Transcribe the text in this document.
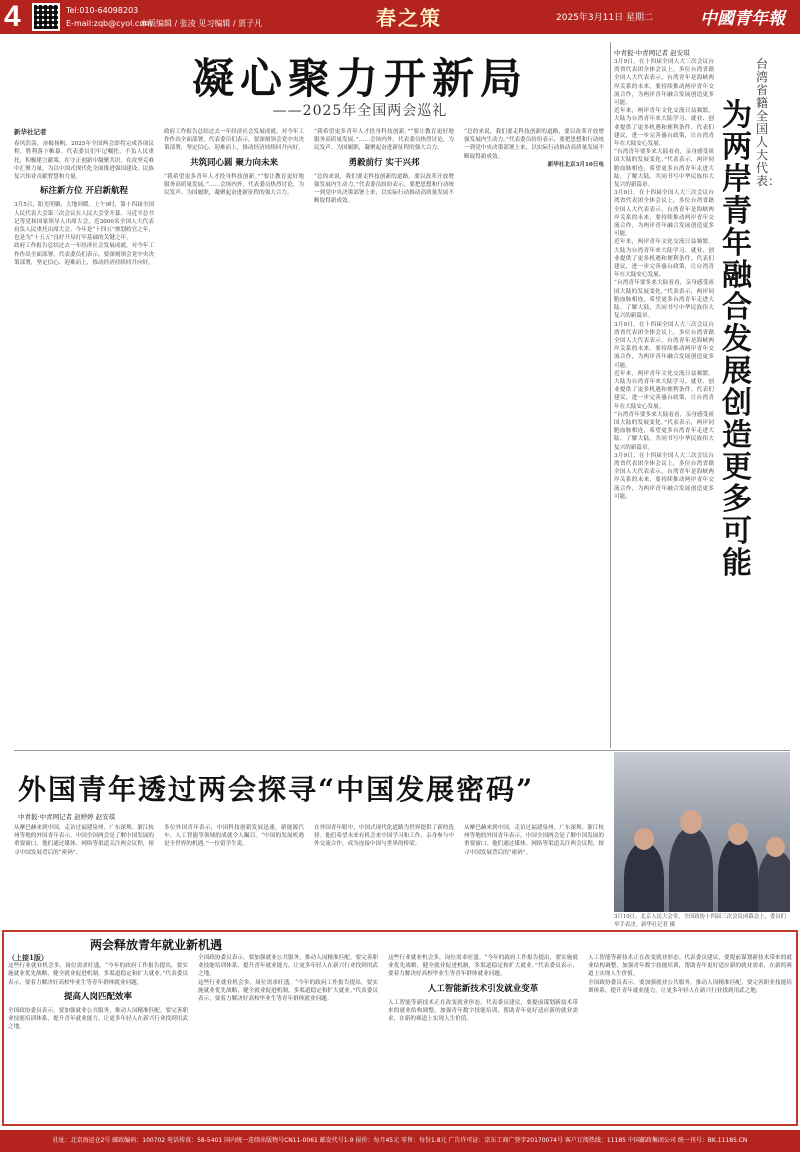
4	Tel:010-64098203
E-mail:zqb@cyol.com
本版编辑 / 张凌 见习编辑 / 贾子凡	春之策	2025年3月11日 星期二	中國青年報
凝心聚力开新局
——2025年全国两会巡礼
新华社记者

春风浩荡，奋楫扬帆。2025年全国两会即将完成各项议程，胜利落下帷幕。代表委员们牢记嘱托、不负人民重托，积极建言献策，在守正创新中凝聚共识、在攻坚克难中汇聚力量，为以中国式现代化全面推进强国建设、民族复兴伟业贡献智慧和力量。

标注新方位 开启新航程

3月5日，阳光明媚，大地回暖。上午9时，第十四届全国人民代表大会第三次会议在人民大会堂开幕。习近平总书记等党和国家领导人出席大会，近3000名全国人大代表肩负人民重托出席大会。今年是“十四五”规划收官之年，也是为“十五五”良好开局打牢基础的关键之年。

政府工作报告总结过去一年经济社会发展成就，对今年工作作出全面部署。代表委员们表示，要深刻领会党中央决策部署，坚定信心、迎难而上，推动经济持续回升向好。

政府工作报告总结过去一年经济社会发展成就，对今年工作作出全面部署。代表委员们表示，要深刻领会党中央决策部署，坚定信心、迎难而上，推动经济持续回升向好。

共筑同心圆 聚力向未来

“我希望更多青年人才投身科技创新。”“要让教育更好地服务高质量发展。”……会场内外，代表委员热烈讨论，为民发声、为国履职，凝聚起奋进新征程的强大合力。

“我希望更多青年人才投身科技创新。”“要让教育更好地服务高质量发展。”……会场内外，代表委员热烈讨论，为民发声、为国履职，凝聚起奋进新征程的强大合力。

勇毅前行 实干兴邦

“总的来说，我们要走科技创新的道路，要以改革开放增强发展内生动力。”代表委员纷纷表示，要把思想和行动统一到党中央决策部署上来，以实际行动推动高质量发展不断取得新成效。

“总的来说，我们要走科技创新的道路，要以改革开放增强发展内生动力。”代表委员纷纷表示，要把思想和行动统一到党中央决策部署上来，以实际行动推动高质量发展不断取得新成效。

新华社北京3月10日电

中青报·中青网记者 赵安琪
台湾省籍全国人大代表：
为两岸青年融合发展创造更多可能

3月9日，在十四届全国人大三次会议台湾省代表团全体会议上，多位台湾省籍全国人大代表表示，台湾青年是海峡两岸关系的未来，要持续推动两岸青年交流合作，为两岸青年融合发展创造更多可能。

近年来，两岸青年文化交流日益频繁。大陆为台湾青年来大陆学习、就业、创业提供了更多机遇和便利条件。代表们建议，进一步完善惠台政策，让台湾青年在大陆安心发展。

“台湾青年要多来大陆看看，亲身感受祖国大陆的发展变化。”代表表示，两岸同胞血脉相连，希望更多台湾青年走进大陆、了解大陆，共同书写中华民族伟大复兴的新篇章。

3月9日，在十四届全国人大三次会议台湾省代表团全体会议上，多位台湾省籍全国人大代表表示，台湾青年是海峡两岸关系的未来，要持续推动两岸青年交流合作，为两岸青年融合发展创造更多可能。

近年来，两岸青年文化交流日益频繁。大陆为台湾青年来大陆学习、就业、创业提供了更多机遇和便利条件。代表们建议，进一步完善惠台政策，让台湾青年在大陆安心发展。

“台湾青年要多来大陆看看，亲身感受祖国大陆的发展变化。”代表表示，两岸同胞血脉相连，希望更多台湾青年走进大陆、了解大陆，共同书写中华民族伟大复兴的新篇章。

3月9日，在十四届全国人大三次会议台湾省代表团全体会议上，多位台湾省籍全国人大代表表示，台湾青年是海峡两岸关系的未来，要持续推动两岸青年交流合作，为两岸青年融合发展创造更多可能。

近年来，两岸青年文化交流日益频繁。大陆为台湾青年来大陆学习、就业、创业提供了更多机遇和便利条件。代表们建议，进一步完善惠台政策，让台湾青年在大陆安心发展。

“台湾青年要多来大陆看看，亲身感受祖国大陆的发展变化。”代表表示，两岸同胞血脉相连，希望更多台湾青年走进大陆、了解大陆，共同书写中华民族伟大复兴的新篇章。

3月9日，在十四届全国人大三次会议台湾省代表团全体会议上，多位台湾省籍全国人大代表表示，台湾青年是海峡两岸关系的未来，要持续推动两岸青年交流合作，为两岸青年融合发展创造更多可能。

外国青年透过两会探寻“中国发展密码”
中青报·中青网记者 赵婷婷 赵安琪

从摩巴赫来到中国，走访过福建泉州、广东深圳、浙江杭州等地的外国青年表示，中国全国两会是了解中国发展的重要窗口。他们通过媒体、网络等渠道关注两会议程，探寻中国发展背后的“密码”。

多位外国青年表示，中国科技创新发展迅速，新能源汽车、人工智能等领域的成就令人瞩目。“中国的发展机遇是全世界的机遇。”一位留学生说。

在外国青年眼中，中国式现代化道路为世界提供了新的选择。他们希望未来有机会来中国学习和工作，亲身参与中外交流合作，成为连接中国与世界的桥梁。

从摩巴赫来到中国，走访过福建泉州、广东深圳、浙江杭州等地的外国青年表示，中国全国两会是了解中国发展的重要窗口。他们通过媒体、网络等渠道关注两会议程，探寻中国发展背后的“密码”。

3月10日，北京人民大会堂。全国政协十四届三次会议闭幕会上，委员们举手表决。新华社记者 摄
两会释放青年就业新机遇
（上接1版）

这些行业就业机会多，岗位需求旺盛。“今年的政府工作报告提出，要实施就业优先战略，健全就业促进机制，多渠道稳定和扩大就业。”代表委员表示，要着力解决好高校毕业生等青年群体就业问题。

提高人岗匹配效率

全国政协委员表示，要加强就业公共服务，推动人岗精准匹配。要完善职业技能培训体系，提升青年就业能力，让更多年轻人在新兴行业找到用武之地。

全国政协委员表示，要加强就业公共服务，推动人岗精准匹配。要完善职业技能培训体系，提升青年就业能力，让更多年轻人在新兴行业找到用武之地。

这些行业就业机会多，岗位需求旺盛。“今年的政府工作报告提出，要实施就业优先战略，健全就业促进机制，多渠道稳定和扩大就业。”代表委员表示，要着力解决好高校毕业生等青年群体就业问题。

这些行业就业机会多，岗位需求旺盛。“今年的政府工作报告提出，要实施就业优先战略，健全就业促进机制，多渠道稳定和扩大就业。”代表委员表示，要着力解决好高校毕业生等青年群体就业问题。

人工智能新技术引发就业变革

人工智能等新技术正在改变就业形态。代表委员建议，要提前谋划新技术带来的就业结构调整，加强青年数字技能培训，帮助青年更好适应新的就业需求，在新的赛道上实现人生价值。

人工智能等新技术正在改变就业形态。代表委员建议，要提前谋划新技术带来的就业结构调整，加强青年数字技能培训，帮助青年更好适应新的就业需求，在新的赛道上实现人生价值。

全国政协委员表示，要加强就业公共服务，推动人岗精准匹配。要完善职业技能培训体系，提升青年就业能力，让更多年轻人在新兴行业找到用武之地。

社址：北京海运仓2号 邮政编码：100702 电话传真：58-5401 国内统一连续出版物号CN11-0061 邮发代号1-9 报价：每月45元 零售：每份1.8元 广告许可证：京东工商广登字20170074号 客户订阅热线：11185 中国邮政集团公司 统一刊号：BK.11185.CN
